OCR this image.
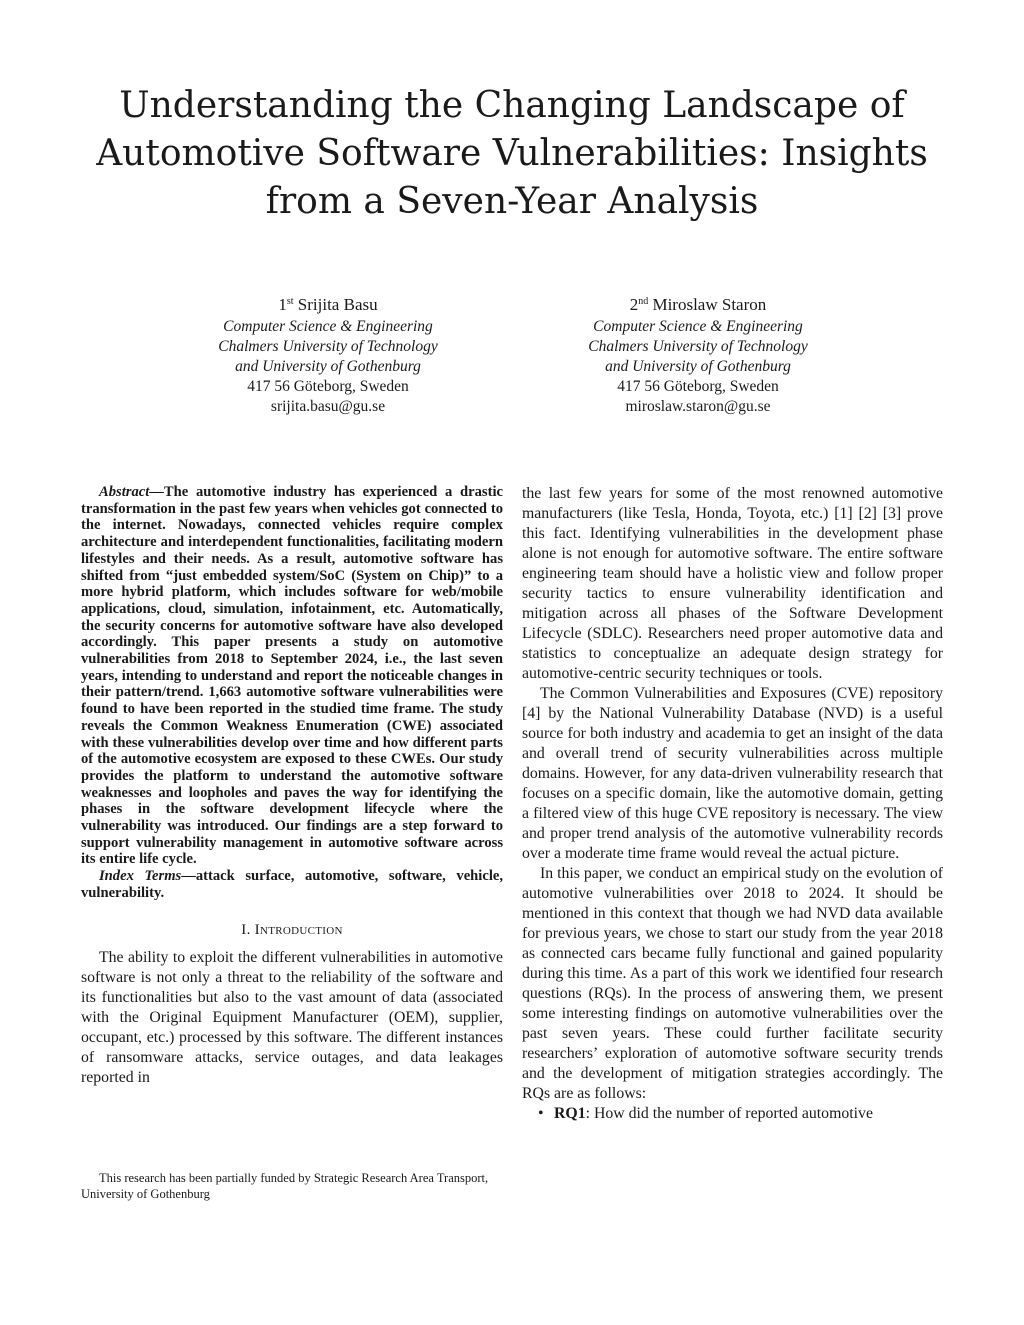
Understanding the Changing Landscape of Automotive Software Vulnerabilities: Insights from a Seven-Year Analysis
1st Srijita Basu
Computer Science & Engineering
Chalmers University of Technology
and University of Gothenburg
417 56 Göteborg, Sweden
srijita.basu@gu.se
2nd Miroslaw Staron
Computer Science & Engineering
Chalmers University of Technology
and University of Gothenburg
417 56 Göteborg, Sweden
miroslaw.staron@gu.se

Abstract—The automotive industry has experienced a drastic transformation in the past few years when vehicles got connected to the internet. Nowadays, connected vehicles require complex architecture and interdependent functionalities, facilitating modern lifestyles and their needs. As a result, automotive software has shifted from “just embedded system/SoC (System on Chip)” to a more hybrid platform, which includes software for web/mobile applications, cloud, simulation, infotainment, etc. Automatically, the security concerns for automotive software have also developed accordingly. This paper presents a study on automotive vulnerabilities from 2018 to September 2024, i.e., the last seven years, intending to understand and report the noticeable changes in their pattern/trend. 1,663 automotive software vulnerabilities were found to have been reported in the studied time frame. The study reveals the Common Weakness Enumeration (CWE) associated with these vulnerabilities develop over time and how different parts of the automotive ecosystem are exposed to these CWEs. Our study provides the platform to understand the automotive software weaknesses and loopholes and paves the way for identifying the phases in the software development lifecycle where the vulnerability was introduced. Our findings are a step forward to support vulnerability management in automotive software across its entire life cycle.

Index Terms—attack surface, automotive, software, vehicle, vulnerability.

I. Introduction

The ability to exploit the different vulnerabilities in automotive software is not only a threat to the reliability of the software and its functionalities but also to the vast amount of data (associated with the Original Equipment Manufacturer (OEM), supplier, occupant, etc.) processed by this software. The different instances of ransomware attacks, service outages, and data leakages reported in

This research has been partially funded by Strategic Research Area Transport, University of Gothenburg

the last few years for some of the most renowned automotive manufacturers (like Tesla, Honda, Toyota, etc.) [1] [2] [3] prove this fact. Identifying vulnerabilities in the development phase alone is not enough for automotive software. The entire software engineering team should have a holistic view and follow proper security tactics to ensure vulnerability identification and mitigation across all phases of the Software Development Lifecycle (SDLC). Researchers need proper automotive data and statistics to conceptualize an adequate design strategy for automotive-centric security techniques or tools.

The Common Vulnerabilities and Exposures (CVE) repository [4] by the National Vulnerability Database (NVD) is a useful source for both industry and academia to get an insight of the data and overall trend of security vulnerabilities across multiple domains. However, for any data-driven vulnerability research that focuses on a specific domain, like the automotive domain, getting a filtered view of this huge CVE repository is necessary. The view and proper trend analysis of the automotive vulnerability records over a moderate time frame would reveal the actual picture.

In this paper, we conduct an empirical study on the evolution of automotive vulnerabilities over 2018 to 2024. It should be mentioned in this context that though we had NVD data available for previous years, we chose to start our study from the year 2018 as connected cars became fully functional and gained popularity during this time. As a part of this work we identified four research questions (RQs). In the process of answering them, we present some interesting findings on automotive vulnerabilities over the past seven years. These could further facilitate security researchers’ exploration of automotive software security trends and the development of mitigation strategies accordingly. The RQs are as follows:

• RQ1: How did the number of reported automotive
